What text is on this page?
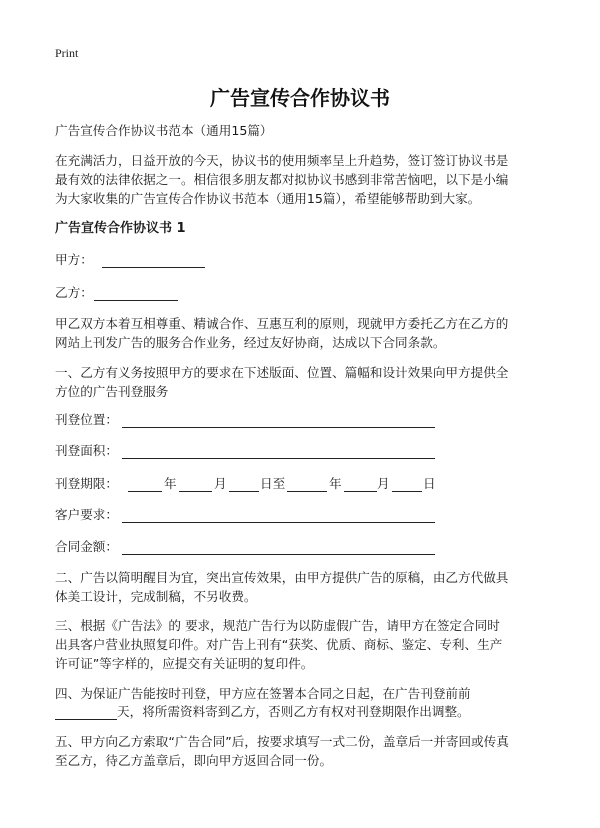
Print
广告宣传合作协议书
广告宣传合作协议书范本（通用15篇）
在充满活力，日益开放的今天，协议书的使用频率呈上升趋势，签订签订协议书是
最有效的法律依据之一。相信很多朋友都对拟协议书感到非常苦恼吧，以下是小编
为大家收集的广告宣传合作协议书范本（通用15篇），希望能够帮助到大家。
广告宣传合作协议书 1
甲方：
乙方：
甲乙双方本着互相尊重、精诚合作、互惠互利的原则，现就甲方委托乙方在乙方的
网站上刊发广告的服务合作业务，经过友好协商，达成以下合同条款。
一、乙方有义务按照甲方的要求在下述版面、位置、篇幅和设计效果向甲方提供全
方位的广告刊登服务
刊登位置：
刊登面积：
刊登期限：	年	月	日至	年	月	日
客户要求：
合同金额：
二、广告以简明醒目为宜，突出宣传效果，由甲方提供广告的原稿，由乙方代做具
体美工设计，完成制稿，不另收费。
三、根据《广告法》的 要求，规范广告行为以防虚假广告，请甲方在签定合同时
出具客户营业执照复印件。对广告上刊有“获奖、优质、商标、鉴定、专利、生产
许可证”等字样的，应提交有关证明的复印件。
四、为保证广告能按时刊登，甲方应在签署本合同之日起，在广告刊登前前
天，将所需资料寄到乙方，否则乙方有权对刊登期限作出调整。
五、甲方向乙方索取“广告合同”后，按要求填写一式二份，盖章后一并寄回或传真
至乙方，待乙方盖章后，即向甲方返回合同一份。
